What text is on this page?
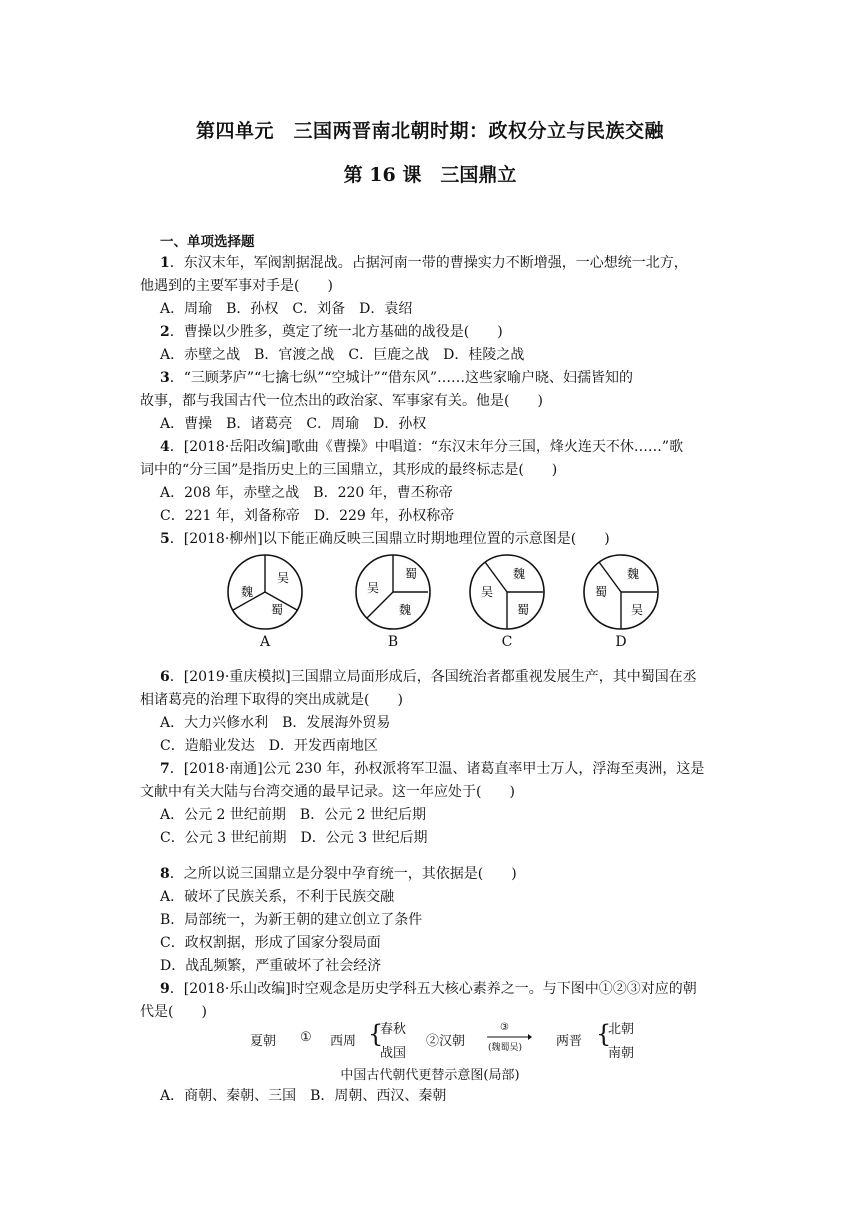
第四单元　三国两晋南北朝时期：政权分立与民族交融
第 16 课　三国鼎立
一、单项选择题
1．东汉末年，军阀割据混战。占据河南一带的曹操实力不断增强，一心想统一北方，
他遇到的主要军事对手是(　　)
A．周瑜　B．孙权　C．刘备　D．袁绍
2．曹操以少胜多，奠定了统一北方基础的战役是(　　)
A．赤壁之战　B．官渡之战　C．巨鹿之战　D．桂陵之战
3．“三顾茅庐”“七擒七纵”“空城计”“借东风”……这些家喻户晓、妇孺皆知的
故事，都与我国古代一位杰出的政治家、军事家有关。他是(　　)
A．曹操　B．诸葛亮　C．周瑜　D．孙权
4．[2018·岳阳改编]歌曲《曹操》中唱道：“东汉末年分三国，烽火连天不休……”歌
词中的“分三国”是指历史上的三国鼎立，其形成的最终标志是(　　)
A．208 年，赤壁之战　B．220 年，曹丕称帝
C．221 年，刘备称帝　D．229 年，孙权称帝
5．[2018·柳州]以下能正确反映三国鼎立时期地理位置的示意图是(　　)
吴
魏
蜀
A
蜀
吴
魏
B
魏
吴
蜀
C
魏
蜀
吴
D
6．[2019·重庆模拟]三国鼎立局面形成后，各国统治者都重视发展生产，其中蜀国在丞
相诸葛亮的治理下取得的突出成就是(　　)
A．大力兴修水利　B．发展海外贸易
C．造船业发达　D．开发西南地区
7．[2018·南通]公元 230 年，孙权派将军卫温、诸葛直率甲士万人，浮海至夷洲，这是
文献中有关大陆与台湾交通的最早记录。这一年应处于(　　)
A．公元 2 世纪前期　B．公元 2 世纪后期
C．公元 3 世纪前期　D．公元 3 世纪后期
8．之所以说三国鼎立是分裂中孕育统一，其依据是(　　)
A．破坏了民族关系，不利于民族交融
B．局部统一，为新王朝的建立创立了条件
C．政权割据，形成了国家分裂局面
D．战乱频繁，严重破坏了社会经济
9．[2018·乐山改编]时空观念是历史学科五大核心素养之一。与下图中①②③对应的朝
代是(　　)
夏朝 ① 西周 {
春秋
战国
②汉朝
③
(魏蜀吴)	两晋 {
北朝
南朝
中国古代朝代更替示意图(局部)
A．商朝、秦朝、三国　B．周朝、西汉、秦朝
